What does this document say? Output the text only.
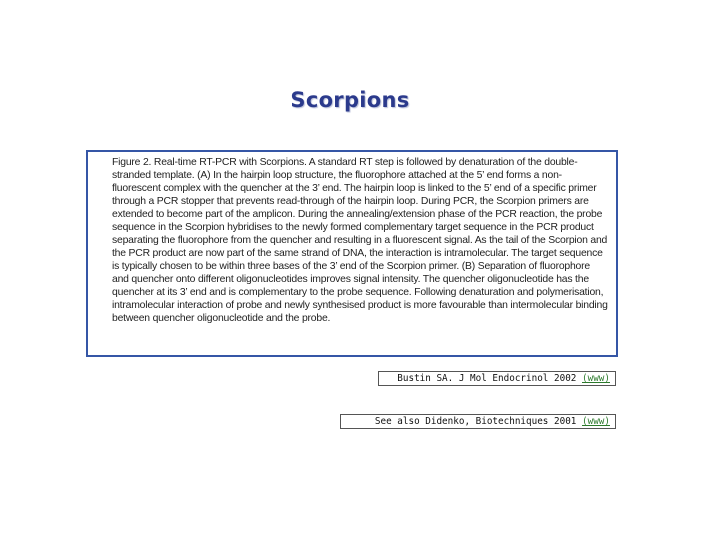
Scorpions

Figure 2. Real-time RT-PCR with Scorpions. A standard RT step is followed by denaturation of the double-stranded template. (A) In the hairpin loop structure, the fluorophore attached at the 5’ end forms a non-fluorescent complex with the quencher at the 3’ end. The hairpin loop is linked to the 5’ end of a specific primer through a PCR stopper that prevents read-through of the hairpin loop. During PCR, the Scorpion primers are extended to become part of the amplicon. During the annealing/extension phase of the PCR reaction, the probe sequence in the Scorpion hybridises to the newly formed complementary target sequence in the PCR product separating the fluorophore from the quencher and resulting in a fluorescent signal. As the tail of the Scorpion and the PCR product are now part of the same strand of DNA, the interaction is intramolecular. The target sequence is typically chosen to be within three bases of the 3’ end of the Scorpion primer. (B) Separation of fluorophore and quencher onto different oligonucleotides improves signal intensity. The quencher oligonucleotide has the quencher at its 3’ end and is complementary to the probe sequence. Following denaturation and polymerisation, intramolecular interaction of probe and newly synthesised product is more favourable than intermolecular binding between quencher oligonucleotide and the probe.

Bustin SA. J Mol Endocrinol 2002 (www)
See also Didenko, Biotechniques 2001 (www)
